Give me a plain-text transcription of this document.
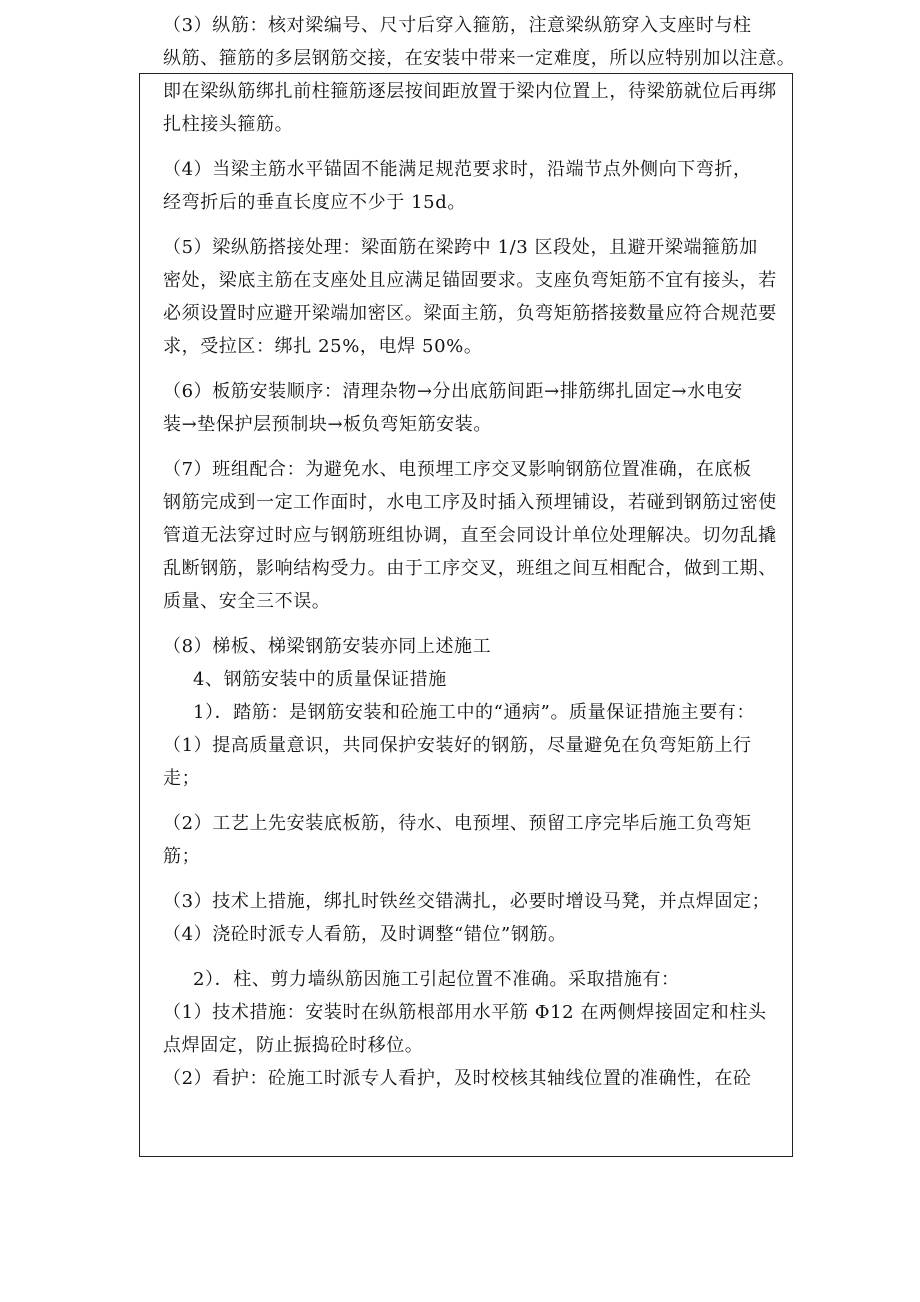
（3）纵筋：核对梁编号、尺寸后穿入箍筋，注意梁纵筋穿入支座时与柱
纵筋、箍筋的多层钢筋交接，在安装中带来一定难度，所以应特别加以注意。
即在梁纵筋绑扎前柱箍筋逐层按间距放置于梁内位置上，待梁筋就位后再绑
扎柱接头箍筋。
（4）当梁主筋水平锚固不能满足规范要求时，沿端节点外侧向下弯折，
经弯折后的垂直长度应不少于 15d。
（5）梁纵筋搭接处理：梁面筋在梁跨中 1/3 区段处，且避开梁端箍筋加
密处，梁底主筋在支座处且应满足锚固要求。支座负弯矩筋不宜有接头，若
必须设置时应避开梁端加密区。梁面主筋，负弯矩筋搭接数量应符合规范要
求，受拉区：绑扎 25%，电焊 50%。
（6）板筋安装顺序：清理杂物→分出底筋间距→排筋绑扎固定→水电安
装→垫保护层预制块→板负弯矩筋安装。
（7）班组配合：为避免水、电预埋工序交叉影响钢筋位置准确，在底板
钢筋完成到一定工作面时，水电工序及时插入预埋铺设，若碰到钢筋过密使
管道无法穿过时应与钢筋班组协调，直至会同设计单位处理解决。切勿乱撬
乱断钢筋，影响结构受力。由于工序交叉，班组之间互相配合，做到工期、
质量、安全三不误。
（8）梯板、梯梁钢筋安装亦同上述施工
4、钢筋安装中的质量保证措施
1）．踏筋：是钢筋安装和砼施工中的“通病”。质量保证措施主要有：
（1）提高质量意识，共同保护安装好的钢筋，尽量避免在负弯矩筋上行
走；
（2）工艺上先安装底板筋，待水、电预埋、预留工序完毕后施工负弯矩
筋；
（3）技术上措施，绑扎时铁丝交错满扎，必要时增设马凳，并点焊固定；
（4）浇砼时派专人看筋，及时调整“错位”钢筋。
2）．柱、剪力墙纵筋因施工引起位置不准确。采取措施有：
（1）技术措施：安装时在纵筋根部用水平筋 Φ12 在两侧焊接固定和柱头
点焊固定，防止振捣砼时移位。
（2）看护：砼施工时派专人看护，及时校核其轴线位置的准确性，在砼
